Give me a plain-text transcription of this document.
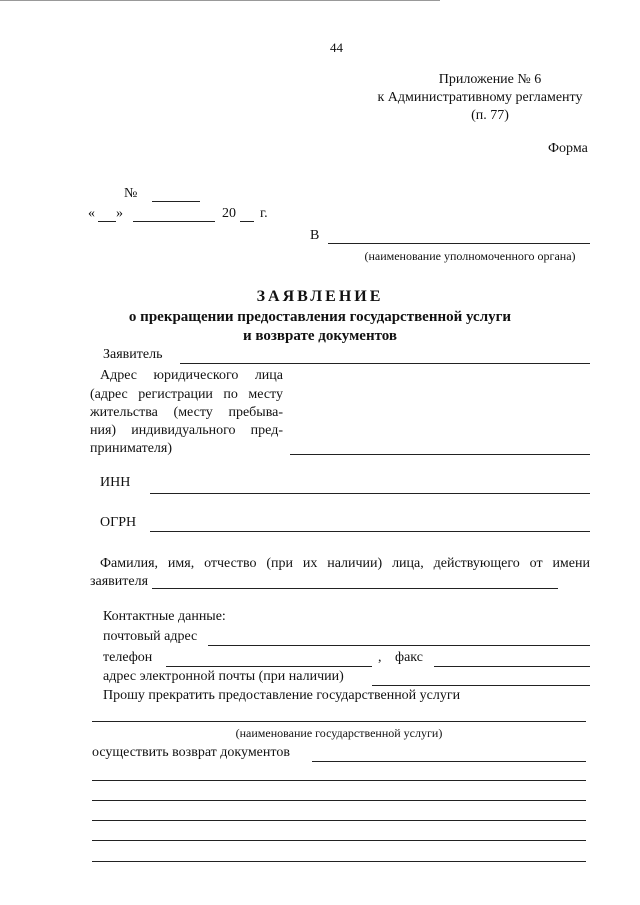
44
Приложение № 6
к Административному регламенту
(п. 77)
Форма
№
« »	20 г.
В
(наименование уполномоченного органа)
ЗАЯВЛЕНИЕ
о прекращении предоставления государственной услуги
и возврате документов
Заявитель
Адрес юридического лица
(адрес регистрации по месту
жительства (месту пребыва-
ния) индивидуального пред-
принимателя)
ИНН
ОГРН
Фамилия, имя, отчество (при их наличии) лица, действующего от имени
заявителя
Контактные данные:
почтовый адрес
телефон	, факс
адрес электронной почты (при наличии)
Прошу прекратить предоставление государственной услуги
(наименование государственной услуги)
осуществить возврат документов
